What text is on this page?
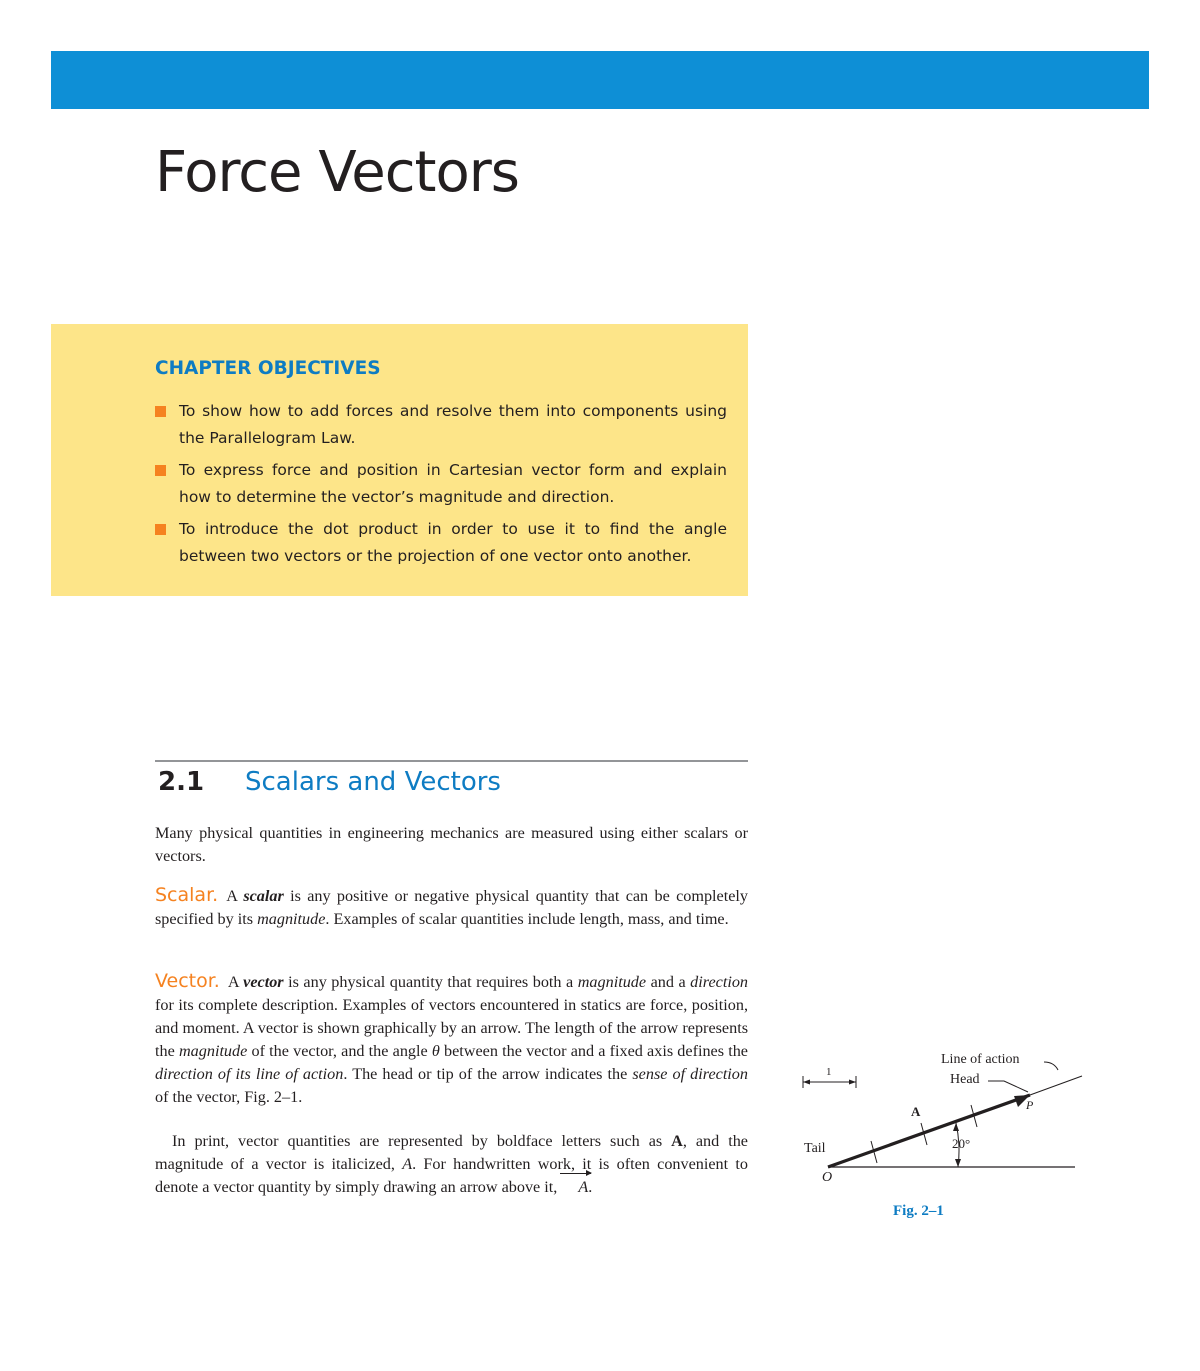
Force Vectors
CHAPTER OBJECTIVES
To show how to add forces and resolve them into components using the Parallelogram Law.
To express force and position in Cartesian vector form and explain how to determine the vector’s magnitude and direction.
To introduce the dot product in order to use it to find the angle between two vectors or the projection of one vector onto another.
2.1 Scalars and Vectors

Many physical quantities in engineering mechanics are measured using either scalars or vectors.

Scalar. A scalar is any positive or negative physical quantity that can be completely specified by its magnitude. Examples of scalar quantities include length, mass, and time.

Vector. A vector is any physical quantity that requires both a magnitude and a direction for its complete description. Examples of vectors encountered in statics are force, position, and moment. A vector is shown graphically by an arrow. The length of the arrow represents the magnitude of the vector, and the angle θ between the vector and a fixed axis defines the direction of its line of action. The head or tip of the arrow indicates the sense of direction of the vector, Fig. 2–1.

In print, vector quantities are represented by boldface letters such as A, and the magnitude of a vector is italicized, A. For handwritten work, it is often convenient to denote a vector quantity by simply drawing an arrow above it, A.

Line of action
Head
Tail
O
P
A
20°
1
Fig. 2–1
